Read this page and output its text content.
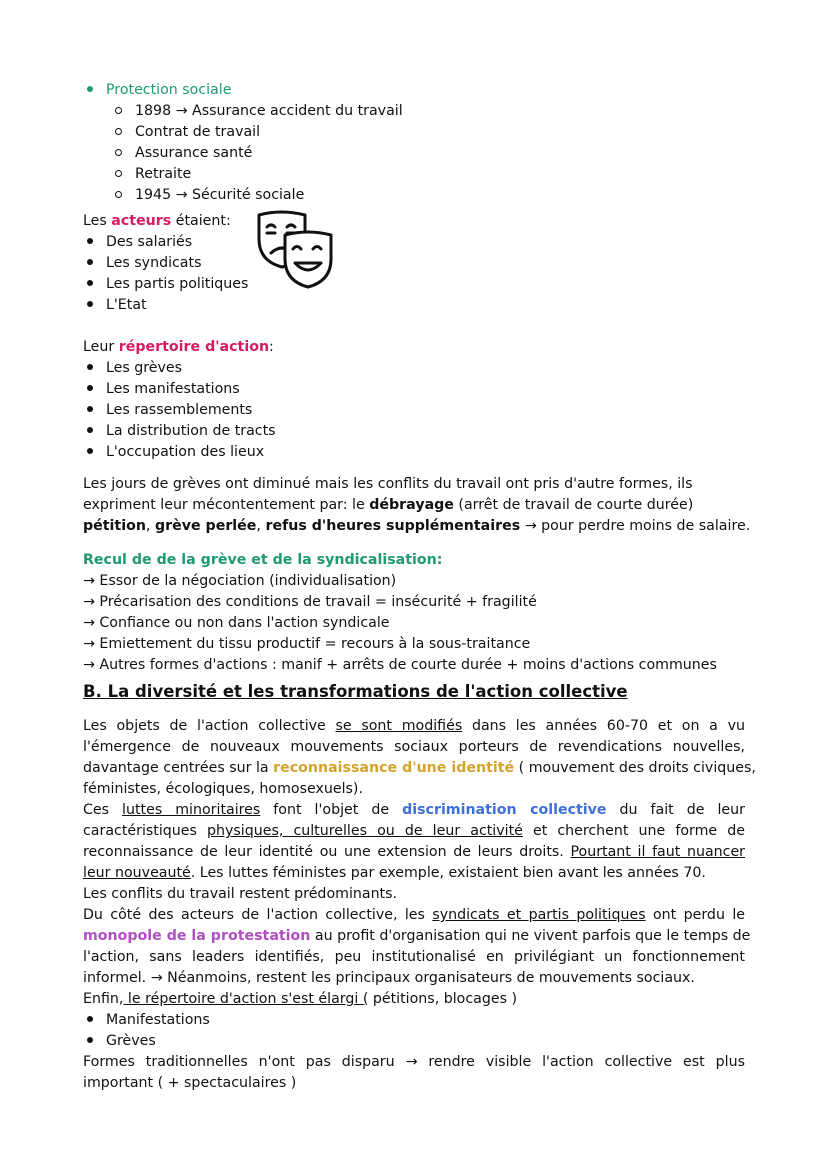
Protection sociale
1898 → Assurance accident du travail
Contrat de travail
Assurance santé
Retraite
1945 → Sécurité sociale
Les acteurs étaient:
Des salariés
Les syndicats
Les partis politiques
L'Etat
Leur répertoire d'action:
Les grèves
Les manifestations
Les rassemblements
La distribution de tracts
L'occupation des lieux
Les jours de grèves ont diminué mais les conflits du travail ont pris d'autre formes, ils
expriment leur mécontentement par: le débrayage (arrêt de travail de courte durée)
pétition, grève perlée, refus d'heures supplémentaires → pour perdre moins de salaire.
Recul de de la grève et de la syndicalisation:
→ Essor de la négociation (individualisation)
→ Précarisation des conditions de travail = insécurité + fragilité
→ Confiance ou non dans l'action syndicale
→ Emiettement du tissu productif = recours à la sous-traitance
→ Autres formes d'actions : manif + arrêts de courte durée + moins d'actions communes
B. La diversité et les transformations de l'action collective
Les objets de l'action collective se sont modifiés dans les années 60-70 et on a vu
l'émergence de nouveaux mouvements sociaux porteurs de revendications nouvelles,
davantage centrées sur la reconnaissance d'une identité ( mouvement des droits civiques,
féministes, écologiques, homosexuels).
Ces luttes minoritaires font l'objet de discrimination collective du fait de leur
caractéristiques physiques, culturelles ou de leur activité et cherchent une forme de
reconnaissance de leur identité ou une extension de leurs droits. Pourtant il faut nuancer
leur nouveauté. Les luttes féministes par exemple, existaient bien avant les années 70.
Les conflits du travail restent prédominants.
Du côté des acteurs de l'action collective, les syndicats et partis politiques ont perdu le
monopole de la protestation au profit d'organisation qui ne vivent parfois que le temps de
l'action, sans leaders identifiés, peu institutionalisé en privilégiant un fonctionnement
informel. → Néanmoins, restent les principaux organisateurs de mouvements sociaux.
Enfin, le répertoire d'action s'est élargi ( pétitions, blocages )
Manifestations
Grèves
Formes traditionnelles n'ont pas disparu → rendre visible l'action collective est plus
important ( + spectaculaires )
